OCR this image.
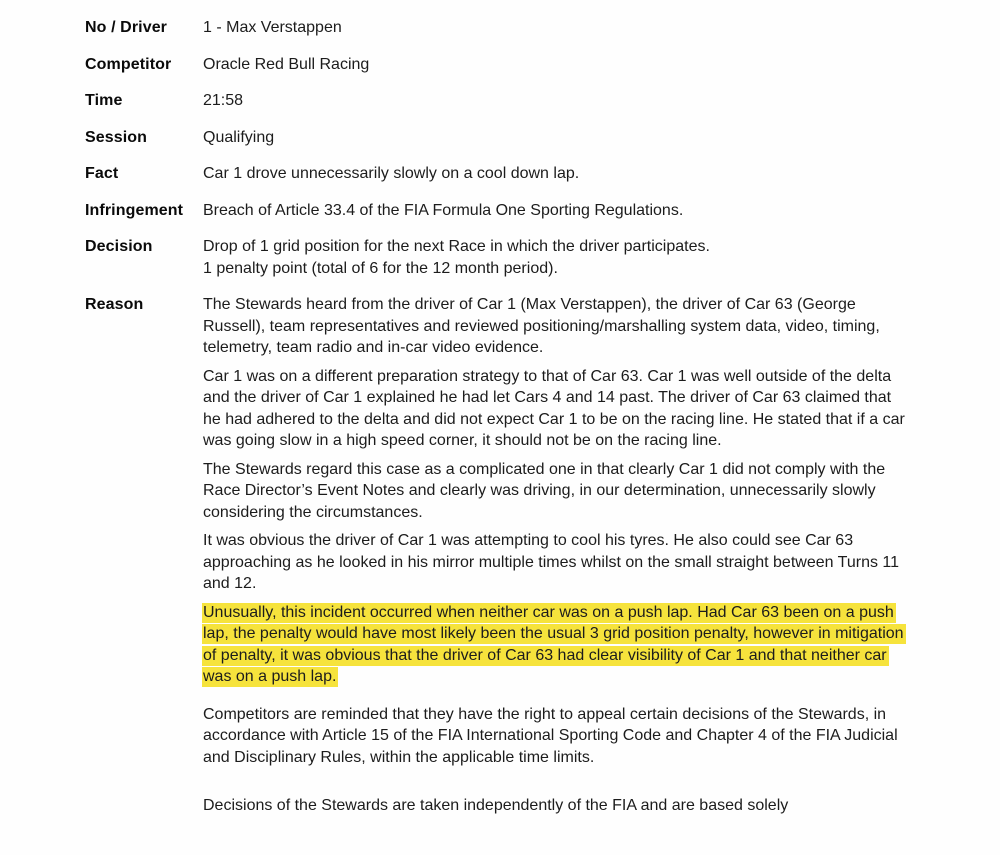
No / Driver	1 - Max Verstappen

Competitor	Oracle Red Bull Racing

Time	21:58

Session	Qualifying

Fact	Car 1 drove unnecessarily slowly on a cool down lap.

Infringement	Breach of Article 33.4 of the FIA Formula One Sporting Regulations.

Decision	Drop of 1 grid position for the next Race in which the driver participates.

1 penalty point (total of 6 for the 12 month period).

Reason	The Stewards heard from the driver of Car 1 (Max Verstappen), the driver of Car 63 (George Russell), team representatives and reviewed positioning/marshalling system data, video, timing, telemetry, team radio and in-car video evidence.

Car 1 was on a different preparation strategy to that of Car 63. Car 1 was well outside of the delta and the driver of Car 1 explained he had let Cars 4 and 14 past. The driver of Car 63 claimed that he had adhered to the delta and did not expect Car 1 to be on the racing line. He stated that if a car was going slow in a high speed corner, it should not be on the racing line.

The Stewards regard this case as a complicated one in that clearly Car 1 did not comply with the Race Director’s Event Notes and clearly was driving, in our determination, unnecessarily slowly considering the circumstances.

It was obvious the driver of Car 1 was attempting to cool his tyres. He also could see Car 63 approaching as he looked in his mirror multiple times whilst on the small straight between Turns 11 and 12.

Unusually, this incident occurred when neither car was on a push lap. Had Car 63 been on a push lap, the penalty would have most likely been the usual 3 grid position penalty, however in mitigation of penalty, it was obvious that the driver of Car 63 had clear visibility of Car 1 and that neither car was on a push lap.

Competitors are reminded that they have the right to appeal certain decisions of the Stewards, in accordance with Article 15 of the FIA International Sporting Code and Chapter 4 of the FIA Judicial and Disciplinary Rules, within the applicable time limits.

Decisions of the Stewards are taken independently of the FIA and are based solely
